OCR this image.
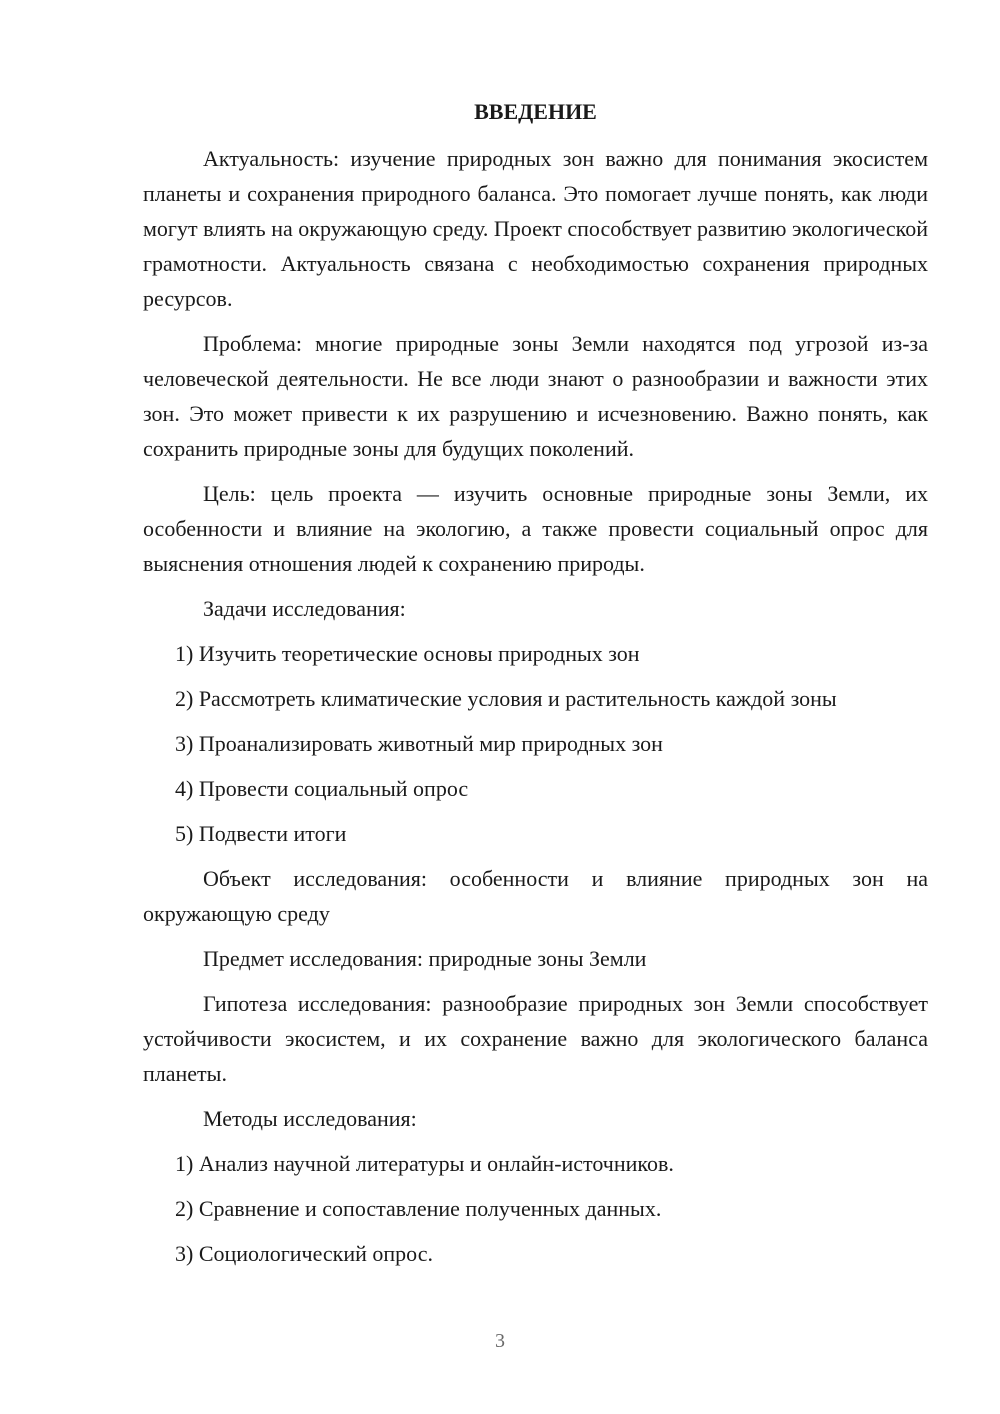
ВВЕДЕНИЕ

Актуальность: изучение природных зон важно для понимания экосистем планеты и сохранения природного баланса. Это помогает лучше понять, как люди могут влиять на окружающую среду. Проект способствует развитию экологической грамотности. Актуальность связана с необходимостью сохранения природных ресурсов.

Проблема: многие природные зоны Земли находятся под угрозой из-за человеческой деятельности. Не все люди знают о разнообразии и важности этих зон. Это может привести к их разрушению и исчезновению. Важно понять, как сохранить природные зоны для будущих поколений.

Цель: цель проекта — изучить основные природные зоны Земли, их особенности и влияние на экологию, а также провести социальный опрос для выяснения отношения людей к сохранению природы.

Задачи исследования:

1) Изучить теоретические основы природных зон
2) Рассмотреть климатические условия и растительность каждой зоны
3) Проанализировать животный мир природных зон
4) Провести социальный опрос
5) Подвести итоги

Объект исследования: особенности и влияние природных зон на окружающую среду

Предмет исследования: природные зоны Земли

Гипотеза исследования: разнообразие природных зон Земли способствует устойчивости экосистем, и их сохранение важно для экологического баланса планеты.

Методы исследования:

1) Анализ научной литературы и онлайн-источников.
2) Сравнение и сопоставление полученных данных.
3) Социологический опрос.
3
